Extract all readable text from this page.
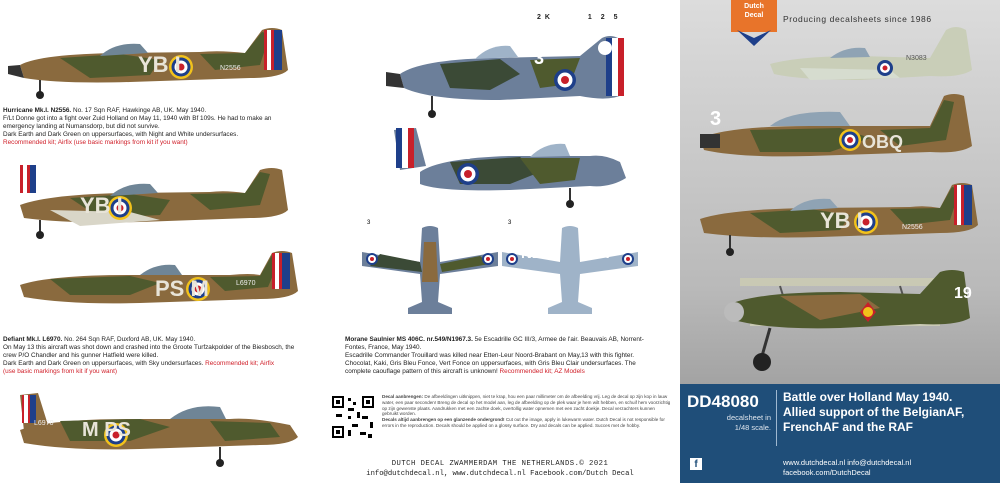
YB I	N2556
Hurricane Mk.I. N2556. No. 17 Sqn RAF, Hawkinge AB, UK. May 1940.
F/Lt Donne got into a fight over Zuid Holland on May 11, 1940 with Bf 109s. He had to make an emergency landing at Numansdorp, but did not survive.
Dark Earth and Dark Green on uppersurfaces, with Night and White undersurfaces.
Recommended kit; Airfix (use basic markings from kit if you want)
YB I
PS M	L6970
Defiant Mk.I. L6970. No. 264 Sqn RAF, Duxford AB, UK. May 1940.
On May 13 this aircraft was shot down and crashed into the Groote Turfzakpolder of the Biesbosch, the crew P/O Chandler and his gunner Hatfield were killed.
Dark Earth and Dark Green on uppersurfaces, with Sky undersurfaces. Recommended kit; Airfix
(use basic markings from kit if you want)
M PS
L6970
2 K	1 2 5
3
3
3	3
N19	67
Morane Saulnier MS 406C. nr.549/N1967.3. 5e Escadrille GC III/3, Armee de l'air. Beauvais AB, Norrent-Fontes, France, May 1940.
Escadrille Commander Trouillard was killed near Etten-Leur Noord-Brabant on May,13 with this fighter.
Chocolat, Kaki, Gris Bleu Fonce, Vert Fonce on uppersurfaces, with Gris Bleu Clair undersurfaces. The complete caouflage pattern of this aircraft is unknown! Recommended kit; AZ Models
Decal aanbrengen: De afbeeldingen uitknippen, niet te krap, hou een paar millimeter om de afbeelding vrij. Leg de decal op zijn kop in lauw water, een paar seconden! Breng de decal op het model aan, leg de afbeelding op de plek waar je hem wilt hebben, en schuif hem voorzichtig op zijn gewenste plaats. Aandrukken met een zachte doek, overtollig water opnemen met een zacht doekje. Decal verzachters kunnen gebruikt worden.
Decals altijd aanbrengen op een glanzende ondergrond! Cut out the image, apply in lukewarm water. Dutch Decal is not responsible for errors in the reproduction. Decals should be applied on a glossy surface. Dry and decals can be applied. Succes met de hobby.
DUTCH DECAL ZWAMMERDAM THE NETHERLANDS.© 2021
info@dutchdecal.nl, www.dutchdecal.nl Facebook.com/Dutch Decal
Dutch
Decal	Producing decalsheets since 1986
N3083
3
OBQ
YB I	N2556
19
DD48080
decalsheet in
1/48 scale.
Battle over Holland May 1940.
Allied support of the BelgianAF,
FrenchAF and the RAF
f	www.dutchdecal.nl info@dutchdecal.nl
facebook.com/DutchDecal
